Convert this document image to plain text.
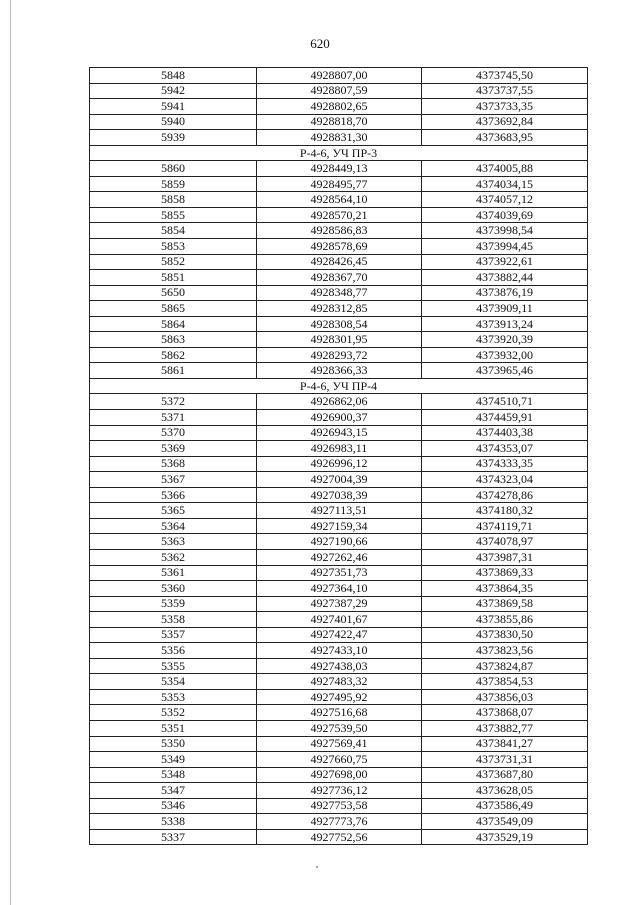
620
5848	4928807,00	4373745,50
5942	4928807,59	4373737,55
5941	4928802,65	4373733,35
5940	4928818,70	4373692,84
5939	4928831,30	4373683,95
Р-4-6, УЧ ПР-3		
5860	4928449,13	4374005,88
5859	4928495,77	4374034,15
5858	4928564,10	4374057,12
5855	4928570,21	4374039,69
5854	4928586,83	4373998,54
5853	4928578,69	4373994,45
5852	4928426,45	4373922,61
5851	4928367,70	4373882,44
5650	4928348,77	4373876,19
5865	4928312,85	4373909,11
5864	4928308,54	4373913,24
5863	4928301,95	4373920,39
5862	4928293,72	4373932,00
5861	4928366,33	4373965,46
Р-4-6, УЧ ПР-4		
5372	4926862,06	4374510,71
5371	4926900,37	4374459,91
5370	4926943,15	4374403,38
5369	4926983,11	4374353,07
5368	4926996,12	4374333,35
5367	4927004,39	4374323,04
5366	4927038,39	4374278,86
5365	4927113,51	4374180,32
5364	4927159,34	4374119,71
5363	4927190,66	4374078,97
5362	4927262,46	4373987,31
5361	4927351,73	4373869,33
5360	4927364,10	4373864,35
5359	4927387,29	4373869,58
5358	4927401,67	4373855,86
5357	4927422,47	4373830,50
5356	4927433,10	4373823,56
5355	4927438,03	4373824,87
5354	4927483,32	4373854,53
5353	4927495,92	4373856,03
5352	4927516,68	4373868,07
5351	4927539,50	4373882,77
5350	4927569,41	4373841,27
5349	4927660,75	4373731,31
5348	4927698,00	4373687,80
5347	4927736,12	4373628,05
5346	4927753,58	4373586,49
5338	4927773,76	4373549,09
5337	4927752,56	4373529,19
